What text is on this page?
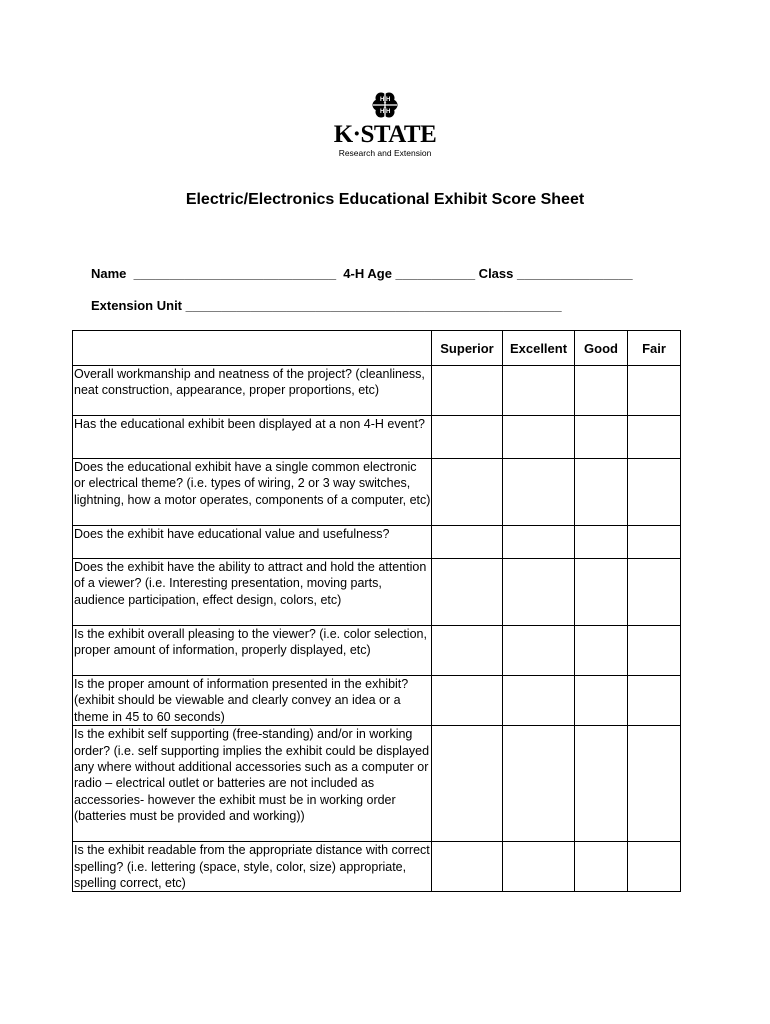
H H
H H
K·STATE
Research and Extension
Electric/Electronics Educational Exhibit Score Sheet
Name  ____________________________  4-H Age ___________ Class ________________
Extension Unit ____________________________________________________
	Superior	Excellent	Good	Fair
Overall workmanship and neatness of the project? (cleanliness, neat construction, appearance, proper proportions, etc)				
Has the educational exhibit been displayed at a non 4-H event?				
Does the educational exhibit have a single common electronic or electrical theme? (i.e. types of wiring, 2 or 3 way switches, lightning, how a motor operates, components of a computer, etc)				
Does the exhibit have educational value and usefulness?				
Does the exhibit have the ability to attract and hold the attention of a viewer? (i.e. Interesting presentation, moving parts, audience participation, effect design, colors, etc)				
Is the exhibit overall pleasing to the viewer? (i.e. color selection, proper amount of information, properly displayed, etc)				
Is the proper amount of information presented in the exhibit? (exhibit should be viewable and clearly convey an idea or a theme in 45 to 60 seconds)				
Is the exhibit self supporting (free-standing) and/or in working order? (i.e. self supporting implies the exhibit could be displayed any where without additional accessories such as a computer or radio – electrical outlet or batteries are not included as accessories- however the exhibit must be in working order (batteries must be provided and working))				
Is the exhibit readable from the appropriate distance with correct spelling? (i.e. lettering (space, style, color, size) appropriate, spelling correct, etc)				
